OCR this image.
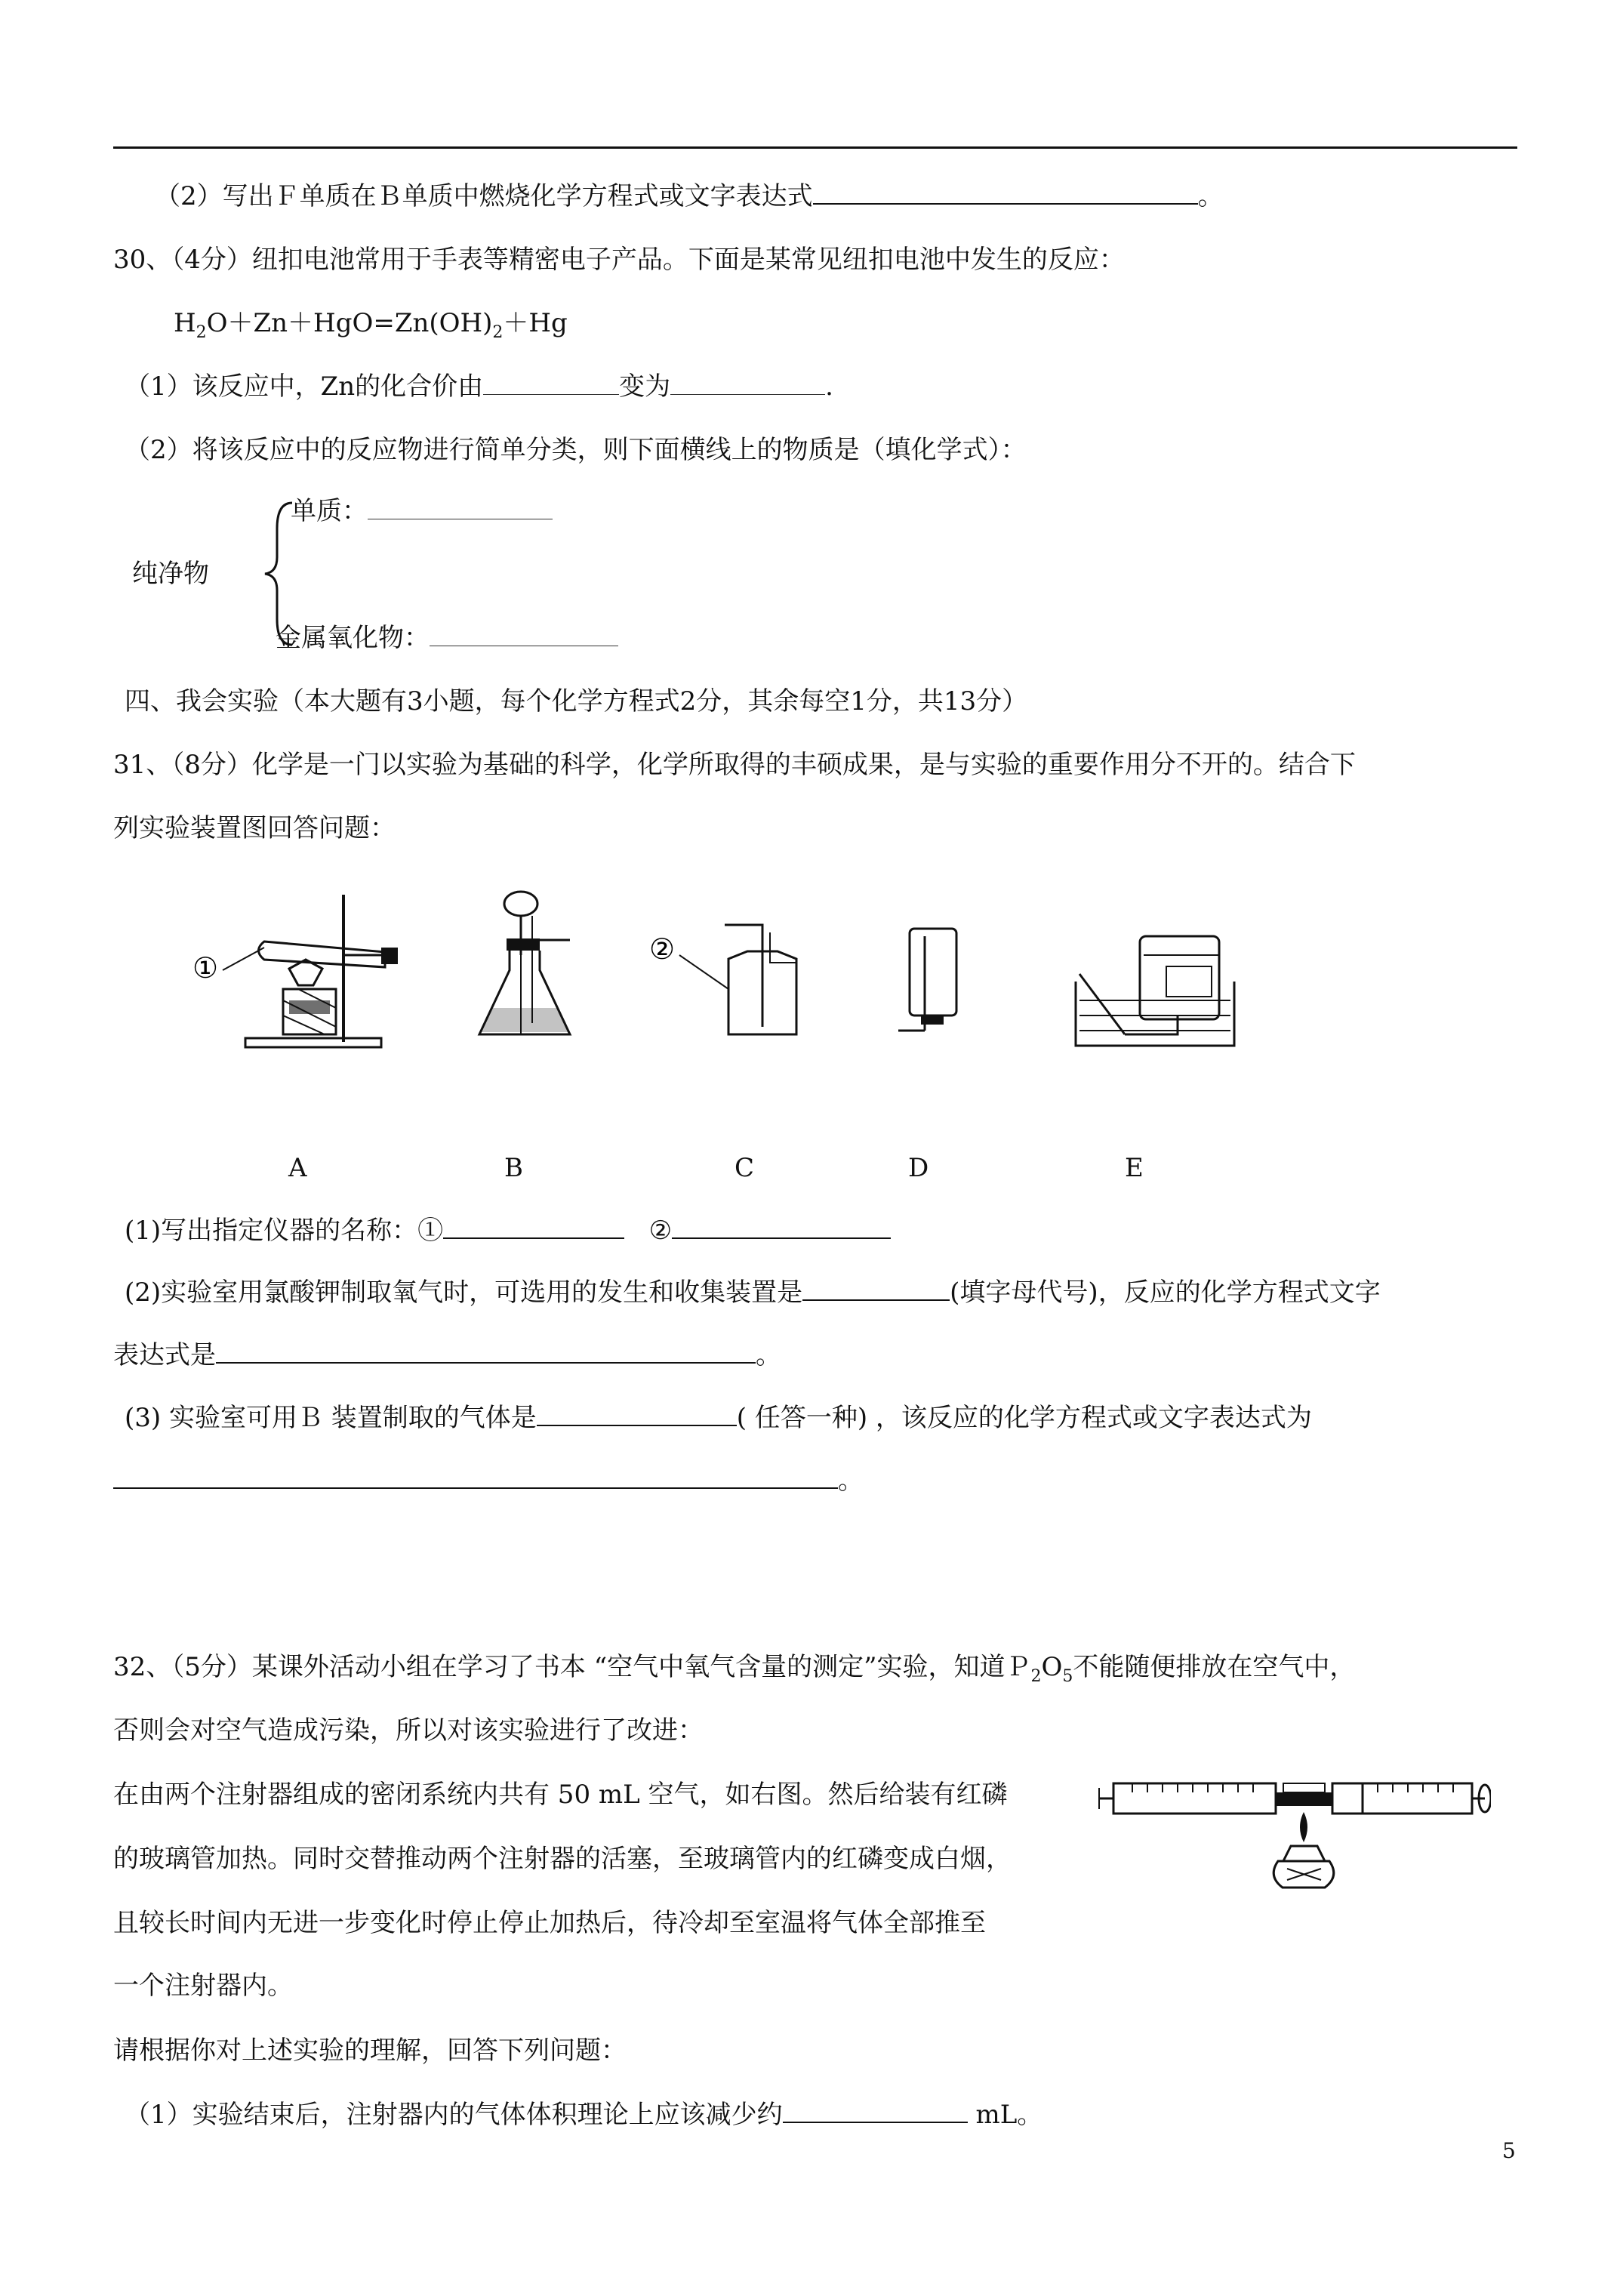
（2）写出Ｆ单质在Ｂ单质中燃烧化学方程式或文字表达式	。
30、（4分）纽扣电池常用于手表等精密电子产品。下面是某常见纽扣电池中发生的反应：
$H_2O+Zn+HgO=Zn(OH)_2+Hg$
（1）该反应中，Zn的化合价由	变为	.
（2）将该反应中的反应物进行简单分类，则下面横线上的物质是（填化学式）：
单质：
纯净物
金属氧化物：
四、我会实验（本大题有3小题，每个化学方程式2分，其余每空1分，共13分）
31、（8分）化学是一门以实验为基础的科学，化学所取得的丰硕成果，是与实验的重要作用分不开的。结合下
列实验装置图回答问题：
①
②
A	B	C	D	E
(1)写出指定仪器的名称：①	②
(2)实验室用氯酸钾制取氧气时，可选用的发生和收集装置是	(填字母代号)，反应的化学方程式文字
表达式是	。
(3) 实验室可用Ｂ 装置制取的气体是	( 任答一种) ，该反应的化学方程式或文字表达式为
。
32、（5分）某课外活动小组在学习了书本 “空气中氧气含量的测定”实验，知道$P_2O_5$不能随便排放在空气中，
否则会对空气造成污染，所以对该实验进行了改进：
在由两个注射器组成的密闭系统内共有 50 mL 空气，如右图。然后给装有红磷
的玻璃管加热。同时交替推动两个注射器的活塞，至玻璃管内的红磷变成白烟，
且较长时间内无进一步变化时停止停止加热后，待冷却至室温将气体全部推至
一个注射器内。
请根据你对上述实验的理解，回答下列问题：
（1）实验结束后，注射器内的气体体积理论上应该减少约	mL。
5
